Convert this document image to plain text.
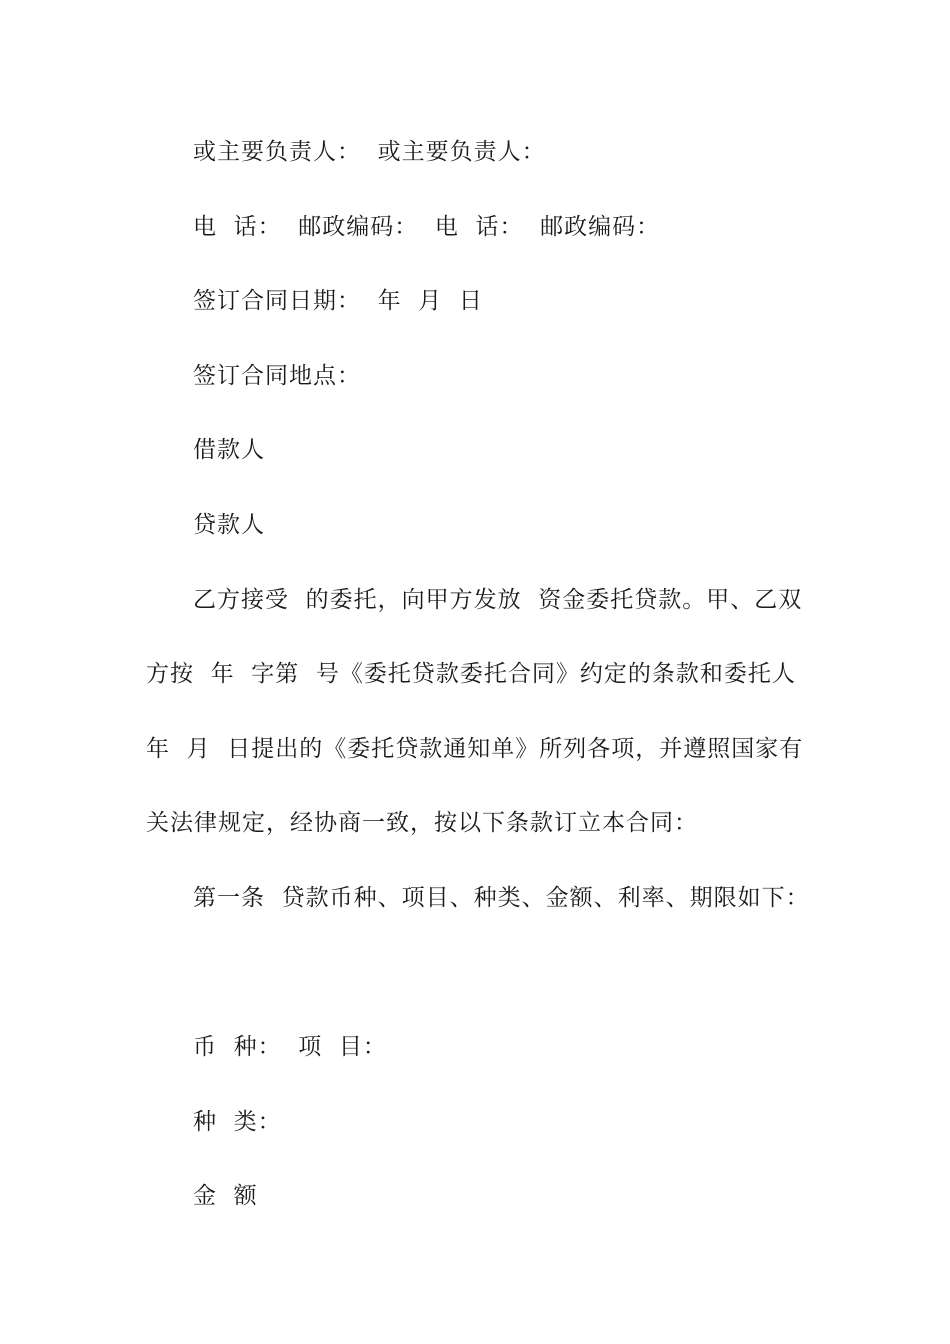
或主要负责人：  或主要负责人：
电  话：  邮政编码：  电  话：  邮政编码：
签订合同日期：  年  月  日
签订合同地点：
借款人
贷款人
乙方接受  的委托，向甲方发放  资金委托贷款。甲、乙双
方按  年  字第  号《委托贷款委托合同》约定的条款和委托人
年  月  日提出的《委托贷款通知单》所列各项，并遵照国家有
关法律规定，经协商一致，按以下条款订立本合同：
第一条  贷款币种、项目、种类、金额、利率、期限如下：
币  种：  项  目：
种  类：
金  额
